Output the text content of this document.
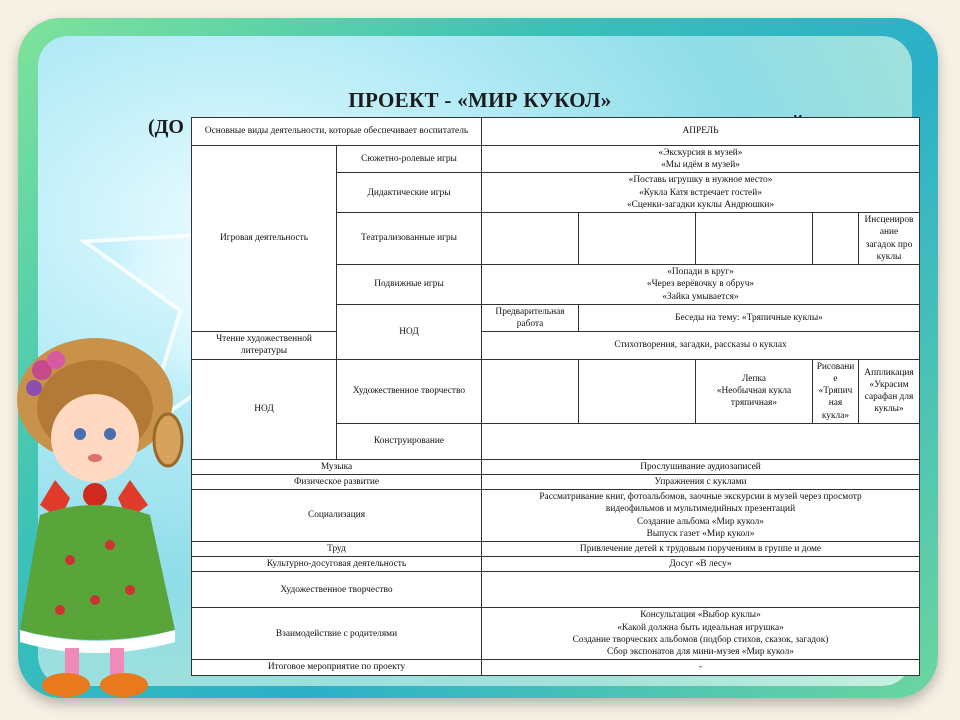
ПРОЕКТ - «МИР КУКОЛ»
(ДО Основные виды деятельности, которые обеспечивает воспитатель		АПРЕЛЬ				
Игровая деятельность	Сюжетно-ролевые игры	«Экскурсия в музей»
«Мы идём в музей»				

	Дидактические игры	«Поставь игрушку в нужное место»
«Кукла Катя встречает гостей»
«Сценки-загадки куклы Андрюшки»				

	Театрализованные игры					Инсцениров
ание
загадок про
куклы

	Подвижные игры	«Попади в круг»
«Через верёвочку в обруч»
«Зайка умывается»				

	НОД	Предварительная работа	Беседы на тему: «Тряпичные куклы»			
Чтение художественной литературы		Стихотворения, загадки, рассказы о куклах				
НОД	Художественное творчество			Лепка
«Необычная кукла
тряпичная»	Рисовани
е
«Тряпич
ная
кукла»	Аппликация
«Украсим
сарафан для
куклы»

	Конструирование					
Музыка		Прослушивание аудиозаписей				
Физическое развитие		Упражнения с куклами				
Социализация		Рассматривание книг, фотоальбомов, заочные экскурсии в музей через просмотр
видеофильмов и мультимедийных презентаций
Создание альбома «Мир кукол»
Выпуск газет «Мир кукол»				

Труд		Привлечение детей к трудовым поручениям в группе и доме				
Культурно-досуговая деятельность		Досуг «В лесу»				
Художественное творчество						
Взаимодействие с родителями		Консультация «Выбор куклы»
«Какой должна быть идеальная игрушка»
Создание творческих альбомов (подбор стихов, сказок, загадок)
Сбор экспонатов для мини-музея «Мир кукол»				

Итоговое мероприятие по проекту		-				
